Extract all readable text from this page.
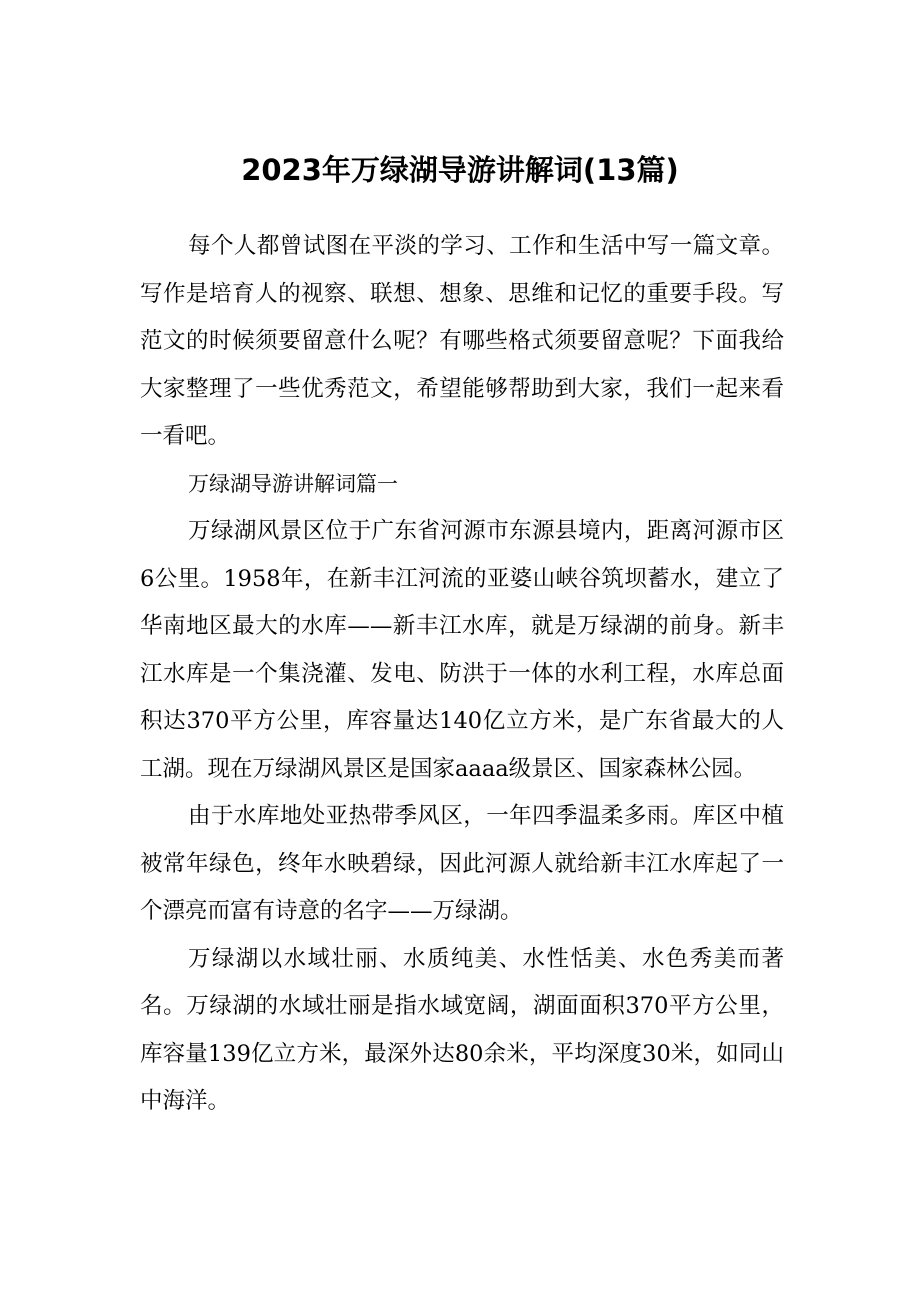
2023年万绿湖导游讲解词(13篇)

每个人都曾试图在平淡的学习、工作和生活中写一篇文章。写作是培育人的视察、联想、想象、思维和记忆的重要手段。写范文的时候须要留意什么呢？有哪些格式须要留意呢？下面我给大家整理了一些优秀范文，希望能够帮助到大家，我们一起来看一看吧。

万绿湖导游讲解词篇一

万绿湖风景区位于广东省河源市东源县境内，距离河源市区6公里。1958年，在新丰江河流的亚婆山峡谷筑坝蓄水，建立了华南地区最大的水库——新丰江水库，就是万绿湖的前身。新丰江水库是一个集浇灌、发电、防洪于一体的水利工程，水库总面积达370平方公里，库容量达140亿立方米，是广东省最大的人工湖。现在万绿湖风景区是国家aaaa级景区、国家森林公园。

由于水库地处亚热带季风区，一年四季温柔多雨。库区中植被常年绿色，终年水映碧绿，因此河源人就给新丰江水库起了一个漂亮而富有诗意的名字——万绿湖。

万绿湖以水域壮丽、水质纯美、水性恬美、水色秀美而著名。万绿湖的水域壮丽是指水域宽阔，湖面面积370平方公里，库容量139亿立方米，最深外达80余米，平均深度30米，如同山中海洋。
